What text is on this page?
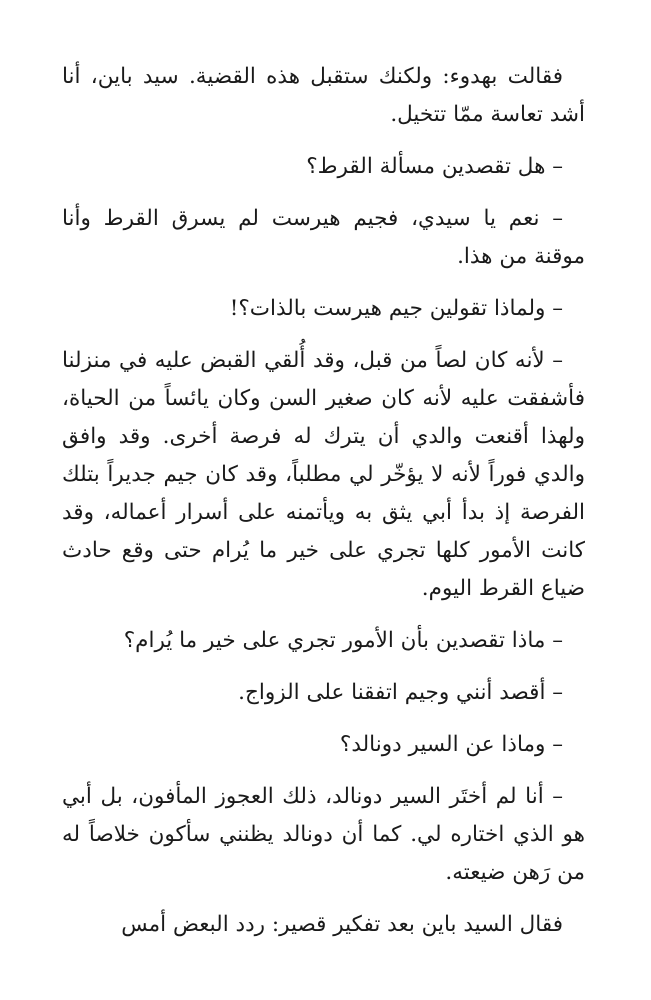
فقالت بهدوء: ولكنك ستقبل هذه القضية. سيد باين، أنا أشد تعاسة ممّا تتخيل.

– هل تقصدين مسألة القرط؟

– نعم يا سيدي، فجيم هيرست لم يسرق القرط وأنا موقنة من هذا.

– ولماذا تقولين جيم هيرست بالذات؟!

– لأنه كان لصاً من قبل، وقد أُلقي القبض عليه في منزلنا فأشفقت عليه لأنه كان صغير السن وكان يائساً من الحياة، ولهذا أقنعت والدي أن يترك له فرصة أخرى. وقد وافق والدي فوراً لأنه لا يؤخّر لي مطلباً، وقد كان جيم جديراً بتلك الفرصة إذ بدأ أبي يثق به ويأتمنه على أسرار أعماله، وقد كانت الأمور كلها تجري على خير ما يُرام حتى وقع حادث ضياع القرط اليوم.

– ماذا تقصدين بأن الأمور تجري على خير ما يُرام؟

– أقصد أنني وجيم اتفقنا على الزواج.

– وماذا عن السير دونالد؟

– أنا لم أختَر السير دونالد، ذلك العجوز المأفون، بل أبي هو الذي اختاره لي. كما أن دونالد يظنني سأكون خلاصاً له من رَهن ضيعته.

فقال السيد باين بعد تفكير قصير: ردد البعض أمس
